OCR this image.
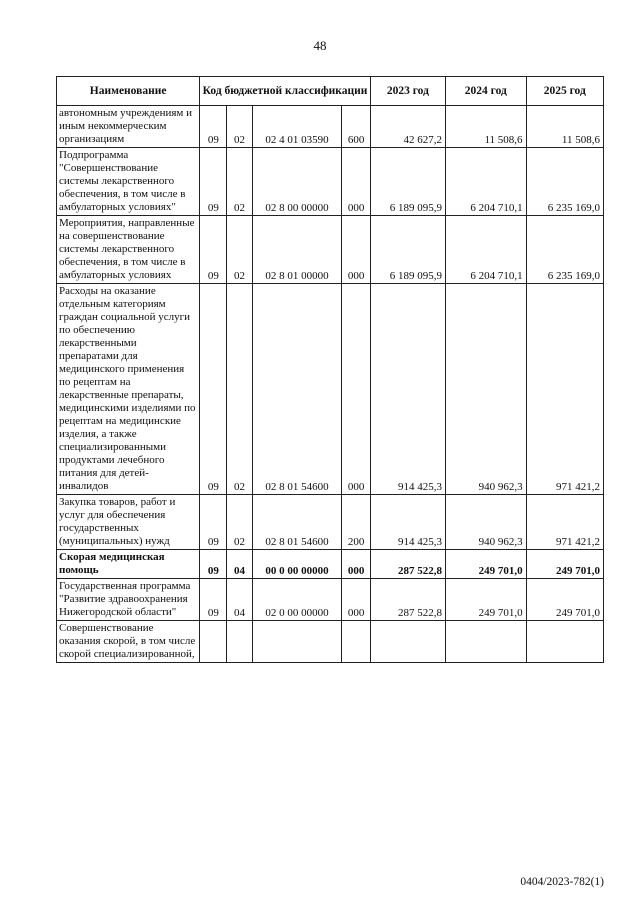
48
Наименование	Код бюджетной классификации				2023 год	2024 год	2025 год
автономным учреждениям и иным некоммерческим организациям	09	02	02 4 01 03590	600	42 627,2	11 508,6	11 508,6
Подпрограмма "Совершенствование системы лекарственного обеспечения, в том числе в амбулаторных условиях"	09	02	02 8 00 00000	000	6 189 095,9	6 204 710,1	6 235 169,0
Мероприятия, направленные на совершенствование системы лекарственного обеспечения, в том числе в амбулаторных условиях	09	02	02 8 01 00000	000	6 189 095,9	6 204 710,1	6 235 169,0
Расходы на оказание отдельным категориям граждан социальной услуги по обеспечению лекарственными препаратами для медицинского применения по рецептам на лекарственные препараты, медицинскими изделиями по рецептам на медицинские изделия, а также специализированными продуктами лечебного питания для детей-инвалидов	09	02	02 8 01 54600	000	914 425,3	940 962,3	971 421,2
Закупка товаров, работ и услуг для обеспечения государственных (муниципальных) нужд	09	02	02 8 01 54600	200	914 425,3	940 962,3	971 421,2
Скорая медицинская помощь	09	04	00 0 00 00000	000	287 522,8	249 701,0	249 701,0
Государственная программа "Развитие здравоохранения Нижегородской области"	09	04	02 0 00 00000	000	287 522,8	249 701,0	249 701,0
Совершенствование оказания скорой, в том числе скорой специализированной,							
0404/2023-782(1)
